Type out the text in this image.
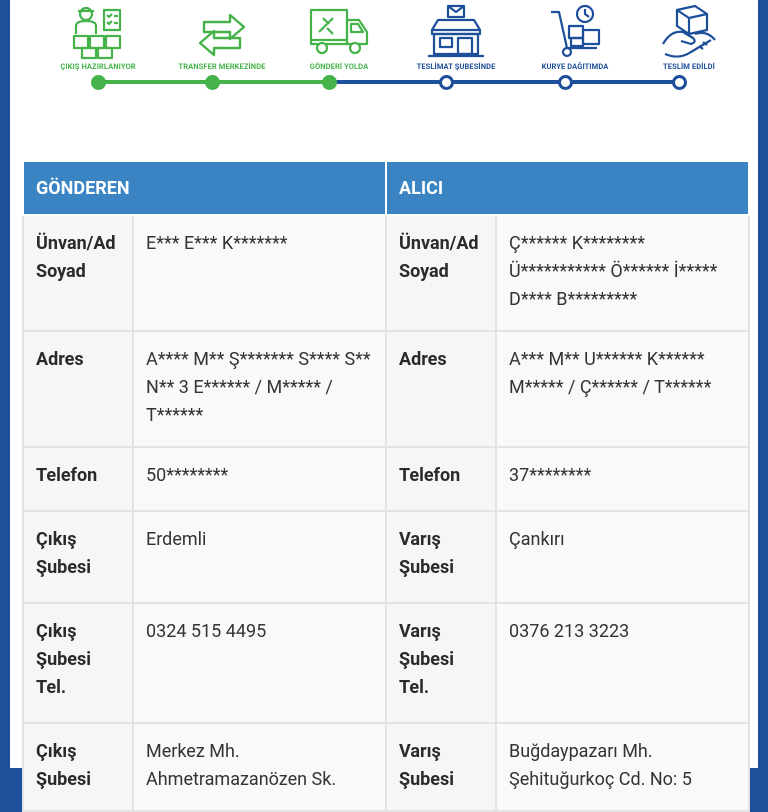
ÇIKIŞ HAZIRLANIYOR	TRANSFER MERKEZİNDE	GÖNDERİ YOLDA	TESLİMAT ŞUBESİNDE	KURYE DAĞITIMDA	TESLİM EDİLDİ
GÖNDEREN		ALICI	
Ünvan/Ad Soyad	E*** E*** K*******	Ünvan/Ad Soyad	Ç****** K******** Ü*********** Ö****** İ***** D**** B*********
Adres	A**** M** Ş******* S**** S** N** 3 E****** / M***** / T******	Adres	A*** M** U****** K****** M***** / Ç****** / T******
Telefon	50********	Telefon	37********
Çıkış Şubesi	Erdemli	Varış Şubesi	Çankırı
Çıkış Şubesi Tel.	0324 515 4495	Varış Şubesi Tel.	0376 213 3223
Çıkış Şubesi	Merkez Mh. Ahmetramazanözen Sk.	Varış Şubesi	Buğdaypazarı Mh. Şehituğurkoç Cd. No: 5
